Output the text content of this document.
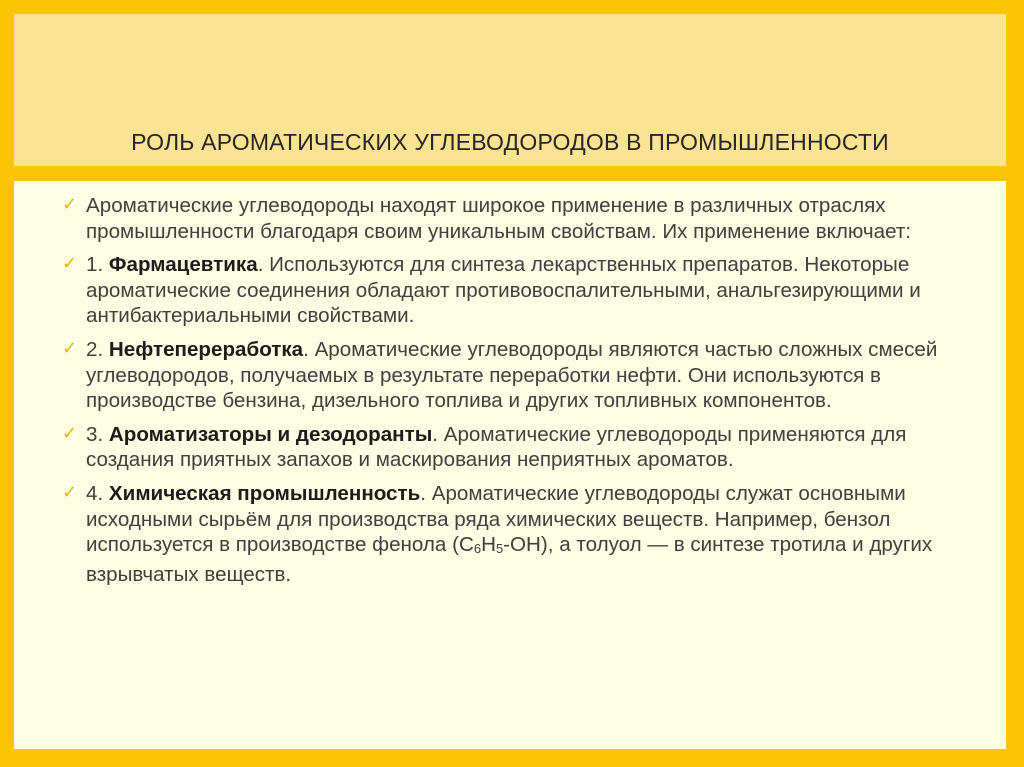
РОЛЬ АРОМАТИЧЕСКИХ УГЛЕВОДОРОДОВ В ПРОМЫШЛЕННОСТИ
✓ Ароматические углеводороды находят широкое применение в различных отраслях промышленности благодаря своим уникальным свойствам. Их применение включает:
✓ 1. Фармацевтика. Используются для синтеза лекарственных препаратов. Некоторые ароматические соединения обладают противовоспалительными, анальгезирующими и антибактериальными свойствами.
✓ 2. Нефтепереработка. Ароматические углеводороды являются частью сложных смесей углеводородов, получаемых в результате переработки нефти. Они используются в производстве бензина, дизельного топлива и других топливных компонентов.
✓ 3. Ароматизаторы и дезодоранты. Ароматические углеводороды применяются для создания приятных запахов и маскирования неприятных ароматов.
✓ 4. Химическая промышленность. Ароматические углеводороды служат основными исходными сырьём для производства ряда химических веществ. Например, бензол используется в производстве фенола $(C_6H_5-OH)$, а толуол — в синтезе тротила и других взрывчатых веществ.
